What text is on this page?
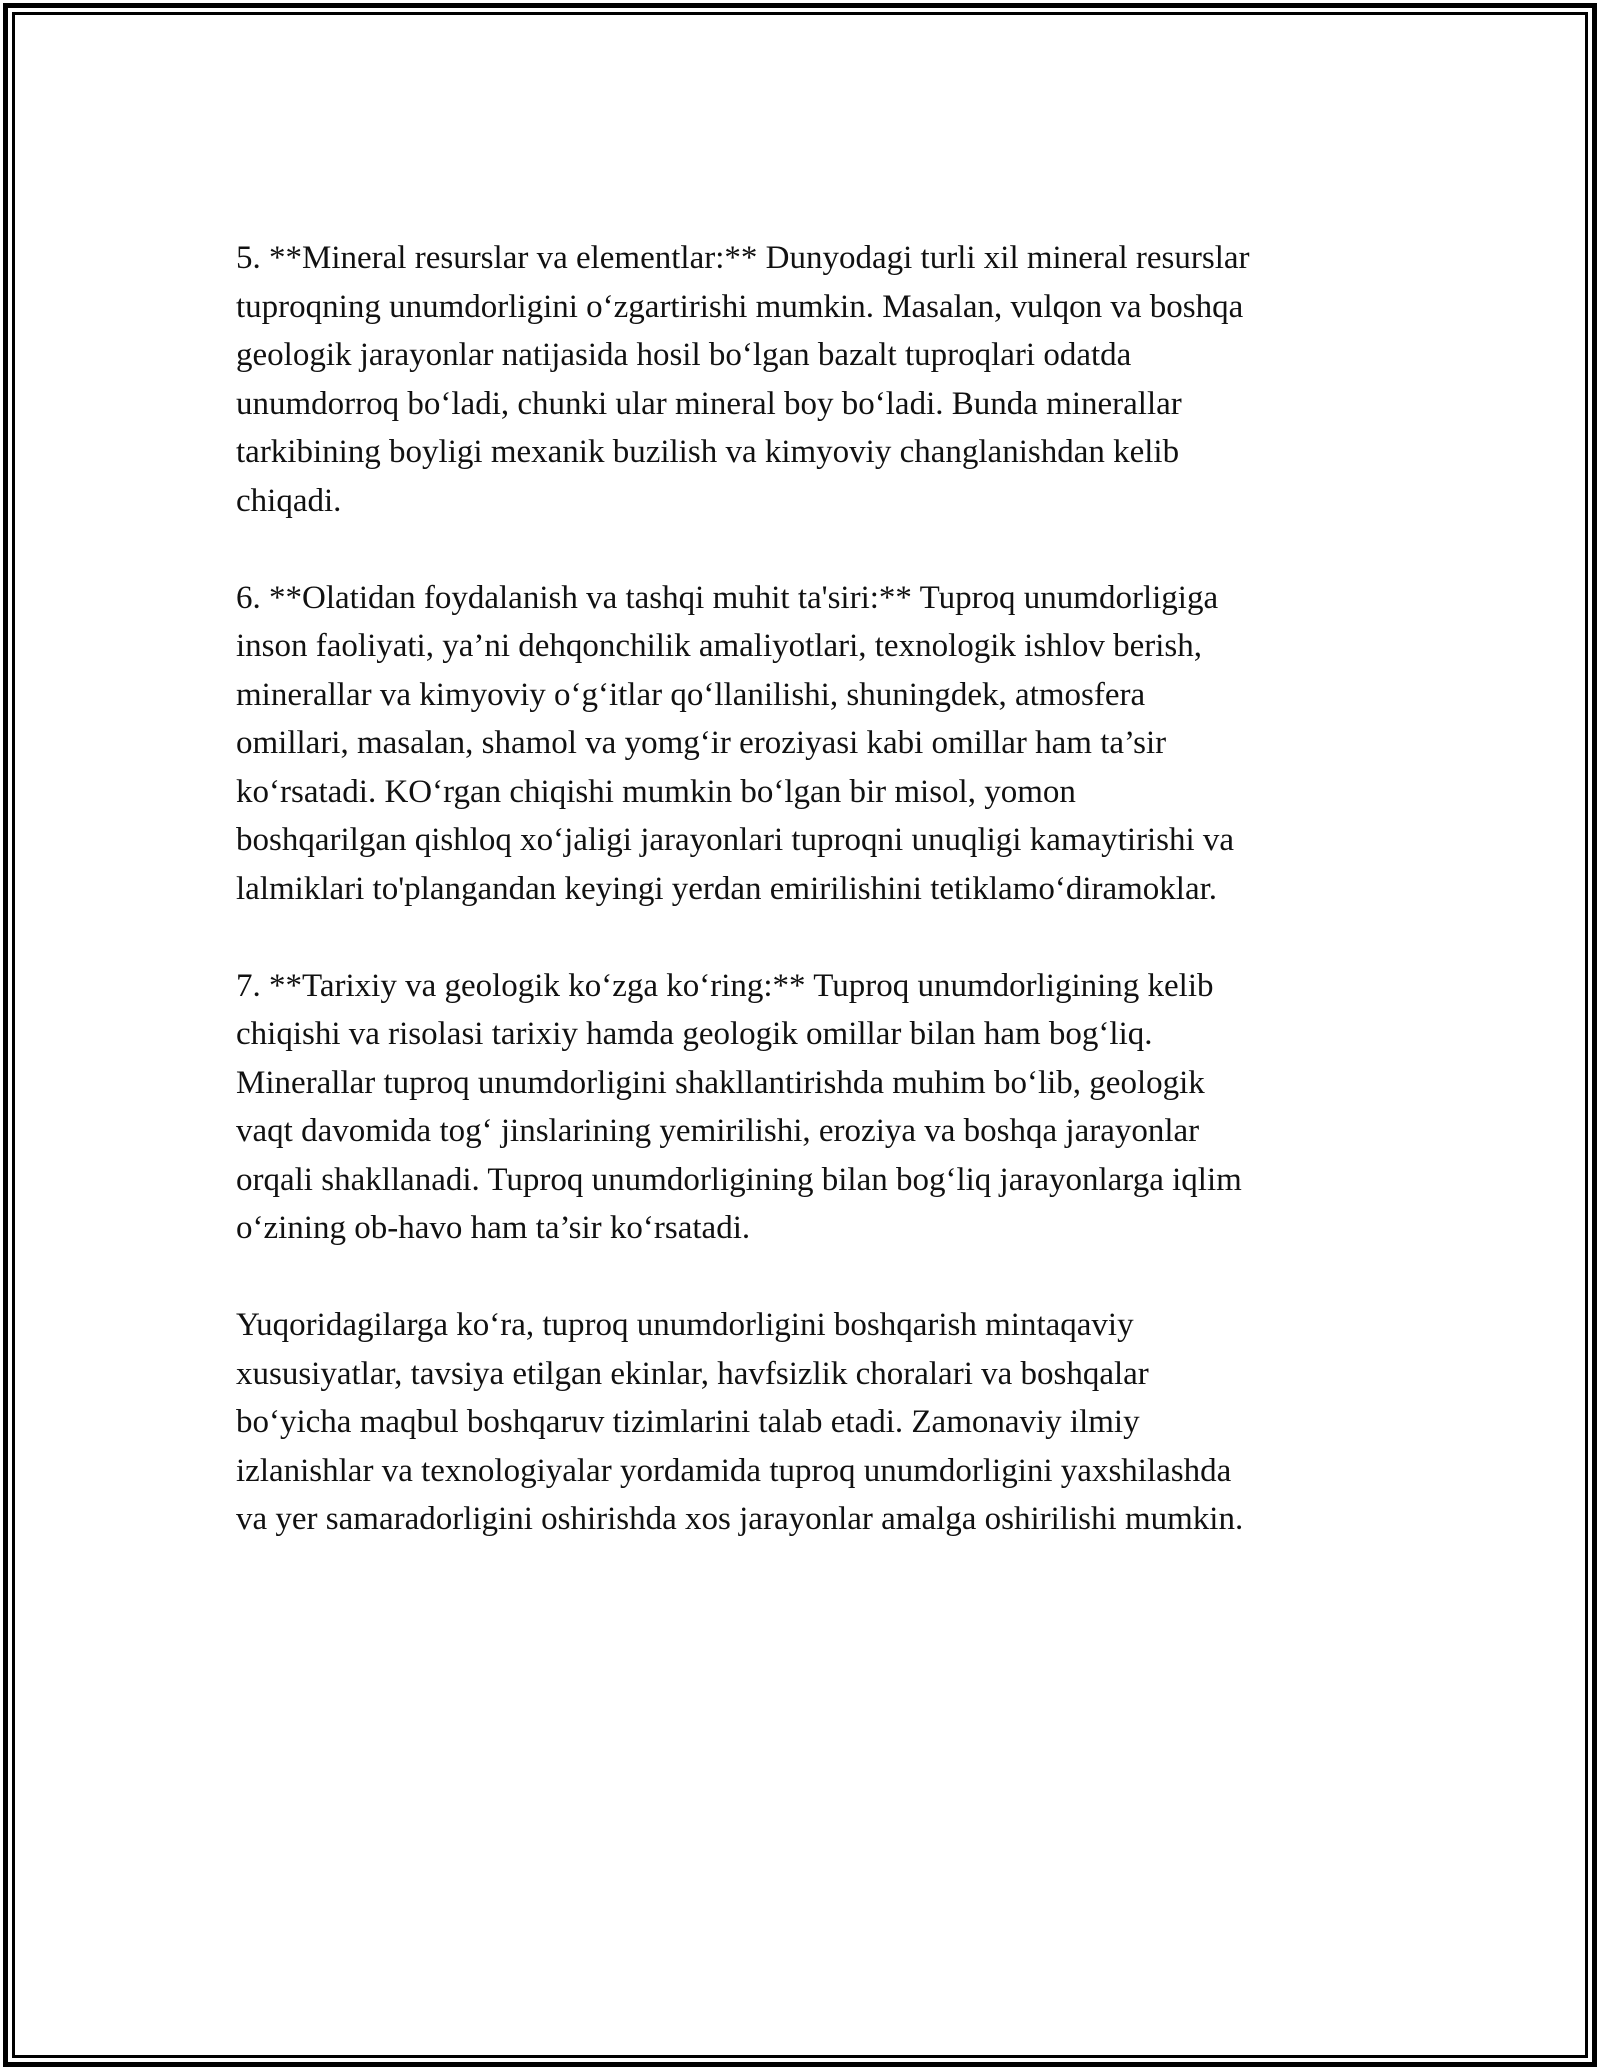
5. **Mineral resurslar va elementlar:** Dunyodagi turli xil mineral resurslar
tuproqning unumdorligini o‘zgartirishi mumkin. Masalan, vulqon va boshqa
geologik jarayonlar natijasida hosil bo‘lgan bazalt tuproqlari odatda
unumdorroq bo‘ladi, chunki ular mineral boy bo‘ladi. Bunda minerallar
tarkibining boyligi mexanik buzilish va kimyoviy changlanishdan kelib
chiqadi.

6. **Olatidan foydalanish va tashqi muhit ta'siri:** Tuproq unumdorligiga
inson faoliyati, ya’ni dehqonchilik amaliyotlari, texnologik ishlov berish,
minerallar va kimyoviy o‘g‘itlar qo‘llanilishi, shuningdek, atmosfera
omillari, masalan, shamol va yomg‘ir eroziyasi kabi omillar ham ta’sir
ko‘rsatadi. KO‘rgan chiqishi mumkin bo‘lgan bir misol, yomon
boshqarilgan qishloq xo‘jaligi jarayonlari tuproqni unuqligi kamaytirishi va
lalmiklari to'plangandan keyingi yerdan emirilishini tetiklamo‘diramoklar.

7. **Tarixiy va geologik ko‘zga ko‘ring:** Tuproq unumdorligining kelib
chiqishi va risolasi tarixiy hamda geologik omillar bilan ham bog‘liq.
Minerallar tuproq unumdorligini shakllantirishda muhim bo‘lib, geologik
vaqt davomida tog‘ jinslarining yemirilishi, eroziya va boshqa jarayonlar
orqali shakllanadi. Tuproq unumdorligining bilan bog‘liq jarayonlarga iqlim
o‘zining ob-havo ham ta’sir ko‘rsatadi.

Yuqoridagilarga ko‘ra, tuproq unumdorligini boshqarish mintaqaviy
xususiyatlar, tavsiya etilgan ekinlar, havfsizlik choralari va boshqalar
bo‘yicha maqbul boshqaruv tizimlarini talab etadi. Zamonaviy ilmiy
izlanishlar va texnologiyalar yordamida tuproq unumdorligini yaxshilashda
va yer samaradorligini oshirishda xos jarayonlar amalga oshirilishi mumkin.
